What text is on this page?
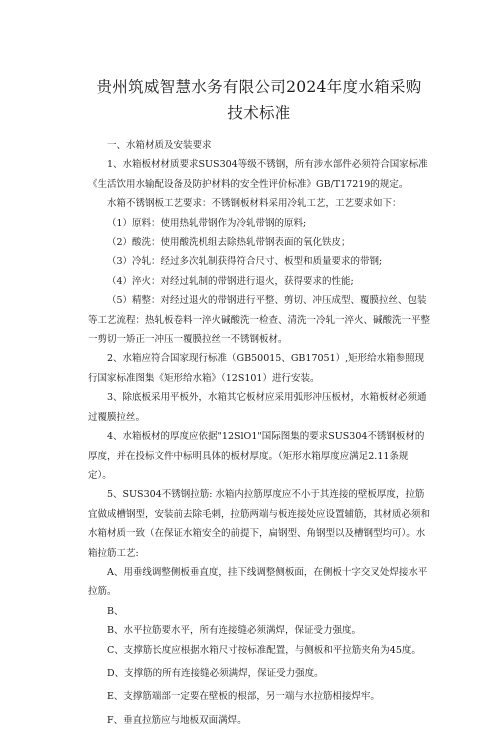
贵州筑威智慧水务有限公司2024年度水箱采购
技术标准

一、水箱材质及安装要求

1、水箱板材材质要求SUS304等级不锈钢，所有涉水部件必须符合国家标准《生活饮用水输配设备及防护材料的安全性评价标准》GB/T17219的规定。

水箱不锈钢板工艺要求：不锈钢板材料采用冷轧工艺，工艺要求如下：

（1）原料：使用热轧带钢作为冷轧带钢的原料;

（2）酸洗：使用酸洗机组去除热轧带钢表面的氧化铁皮；

（3）冷轧：经过多次轧制获得符合尺寸、板型和质量要求的带钢;

（4）淬火：对经过轧制的带钢进行退火，获得要求的性能;

（5）精整：对经过退火的带钢进行平整、剪切、冲压成型、覆膜拉丝、包装等工艺流程：热轧板卷料一淬火碱酸洗一检查、清洗一冷轧一淬火、碱酸洗一平整一剪切一矫正一冲压一覆膜拉丝一不锈钢板材。

2、水箱应符合国家现行标准（GB50015、GB17051）,矩形给水箱参照现行国家标准图集《矩形给水箱》（12S101）进行安装。

3、除底板采用平板外，水箱其它板材应采用弧形冲压板材，水箱板材必须通过覆膜拉丝。

4、水箱板材的厚度应依据"12SlO1"国际图集的要求SUS304不锈钢板材的厚度，并在投标文件中标明具体的板材厚度。（矩形水箱厚度应满足2.11条规定）。

5、SUS304不锈钢拉筋: 水箱内拉筋厚度应不小于其连接的壁板厚度，拉筋宜做成槽钢型，安装前去除毛刺，拉筋两端与板连接处应设置辅筋，其材质必须和水箱材质一致（在保证水箱安全的前提下，扁钢型、角钢型以及槽钢型均可）。水箱拉筋工艺:

A、用垂线调整侧板垂直度，挂下线调整侧板面，在侧板十字交叉处焊接水平拉筋。

B、

B、水平拉筋要水平，所有连接缝必须满焊，保证受力强度。

C、支撑筋长度应根据水箱尺寸按标准配置，与侧板和平拉筋夹角为45度。

D、支撑筋的所有连接缝必须满焊，保证受力强度。

E、支撑筋端部一定要在壁板的根部，另一端与水拉筋相接焊牢。

F、垂直拉筋应与地板双面满焊。
